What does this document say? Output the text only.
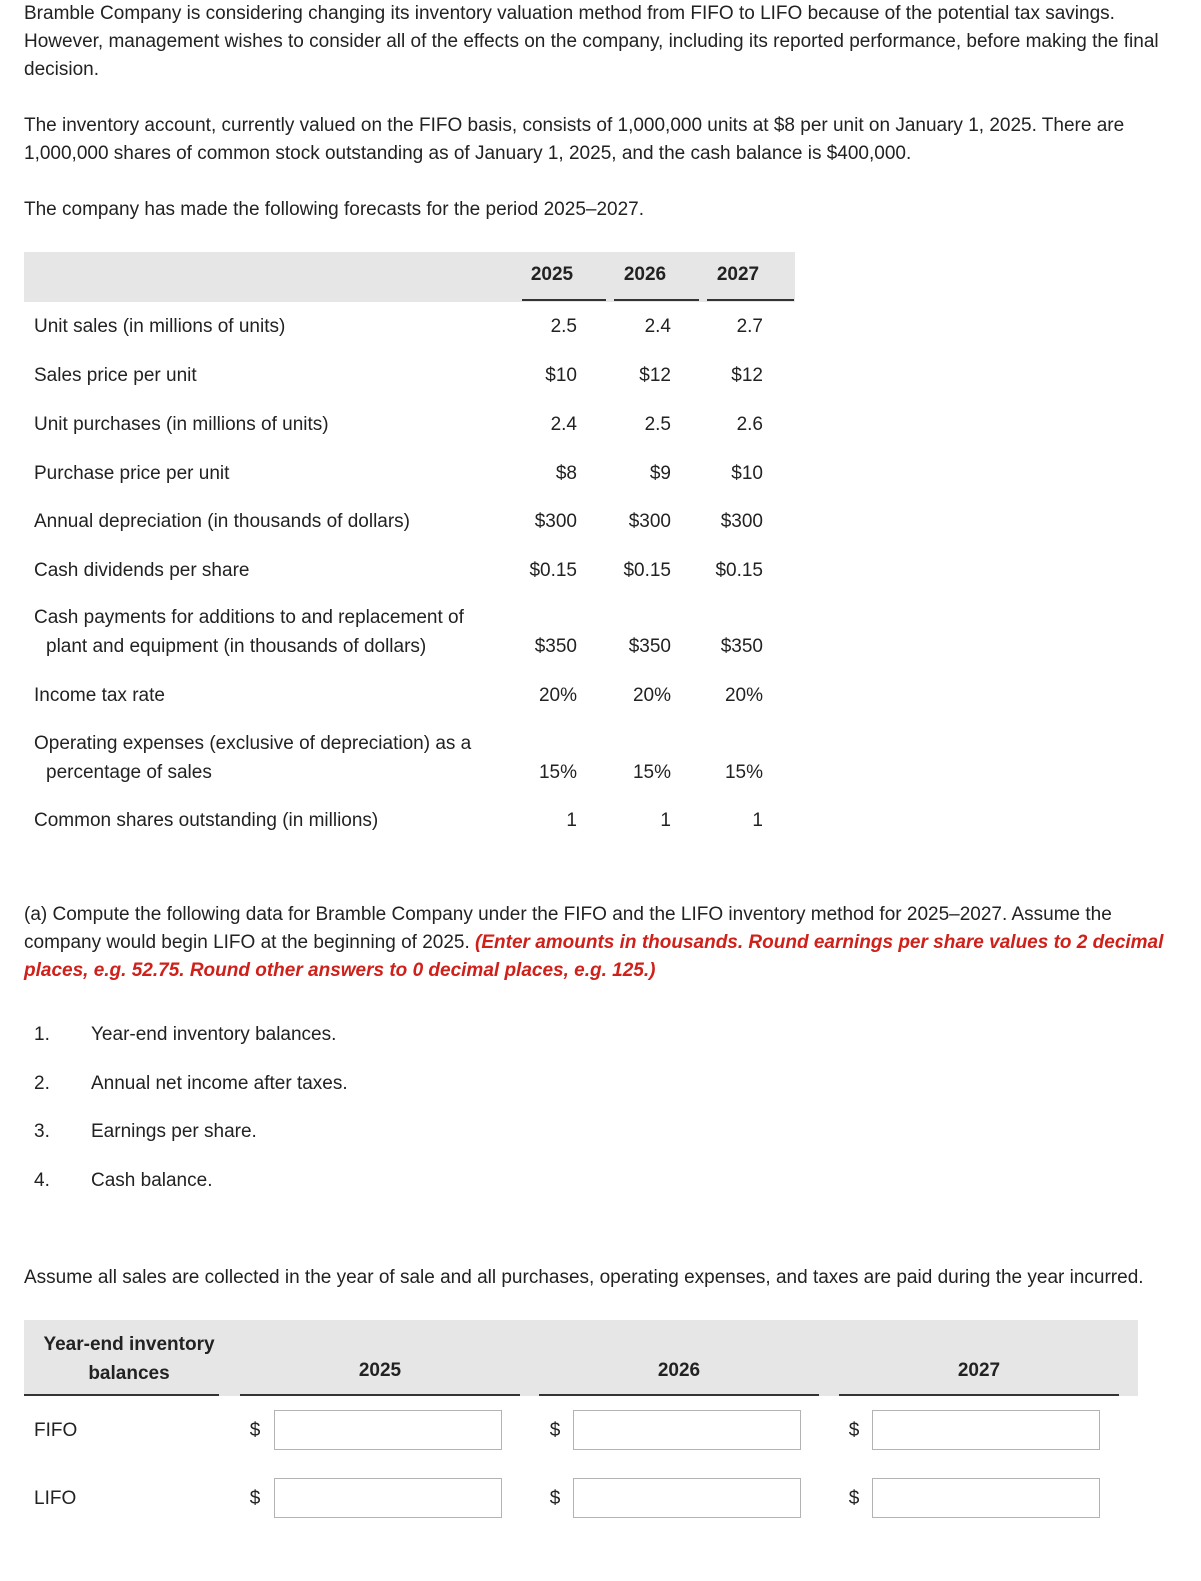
Bramble Company is considering changing its inventory valuation method from FIFO to LIFO because of the potential tax savings. However, management wishes to consider all of the effects on the company, including its reported performance, before making the final decision.

The inventory account, currently valued on the FIFO basis, consists of 1,000,000 units at $8 per unit on January 1, 2025. There are 1,000,000 shares of common stock outstanding as of January 1, 2025, and the cash balance is $400,000.

The company has made the following forecasts for the period 2025–2027.

2025	2026	2027
Unit sales (in millions of units)	2.5	2.4	2.7
Sales price per unit	$10	$12	$12
Unit purchases (in millions of units)	2.4	2.5	2.6
Purchase price per unit	$8	$9	$10
Annual depreciation (in thousands of dollars)	$300	$300	$300
Cash dividends per share	$0.15	$0.15	$0.15
Cash payments for additions to and replacement of
plant and equipment (in thousands of dollars)	$350	$350	$350
Income tax rate	20%	20%	20%
Operating expenses (exclusive of depreciation) as a
percentage of sales	15%	15%	15%
Common shares outstanding (in millions)	1	1	1

(a) Compute the following data for Bramble Company under the FIFO and the LIFO inventory method for 2025–2027. Assume the company would begin LIFO at the beginning of 2025. (Enter amounts in thousands. Round earnings per share values to 2 decimal places, e.g. 52.75. Round other answers to 0 decimal places, e.g. 125.)

1. Year-end inventory balances.
2. Annual net income after taxes.
3. Earnings per share.
4. Cash balance.

Assume all sales are collected in the year of sale and all purchases, operating expenses, and taxes are paid during the year incurred.

Year-end inventory balances	2025	2026	2027
FIFO	$	$	$
LIFO	$	$	$
